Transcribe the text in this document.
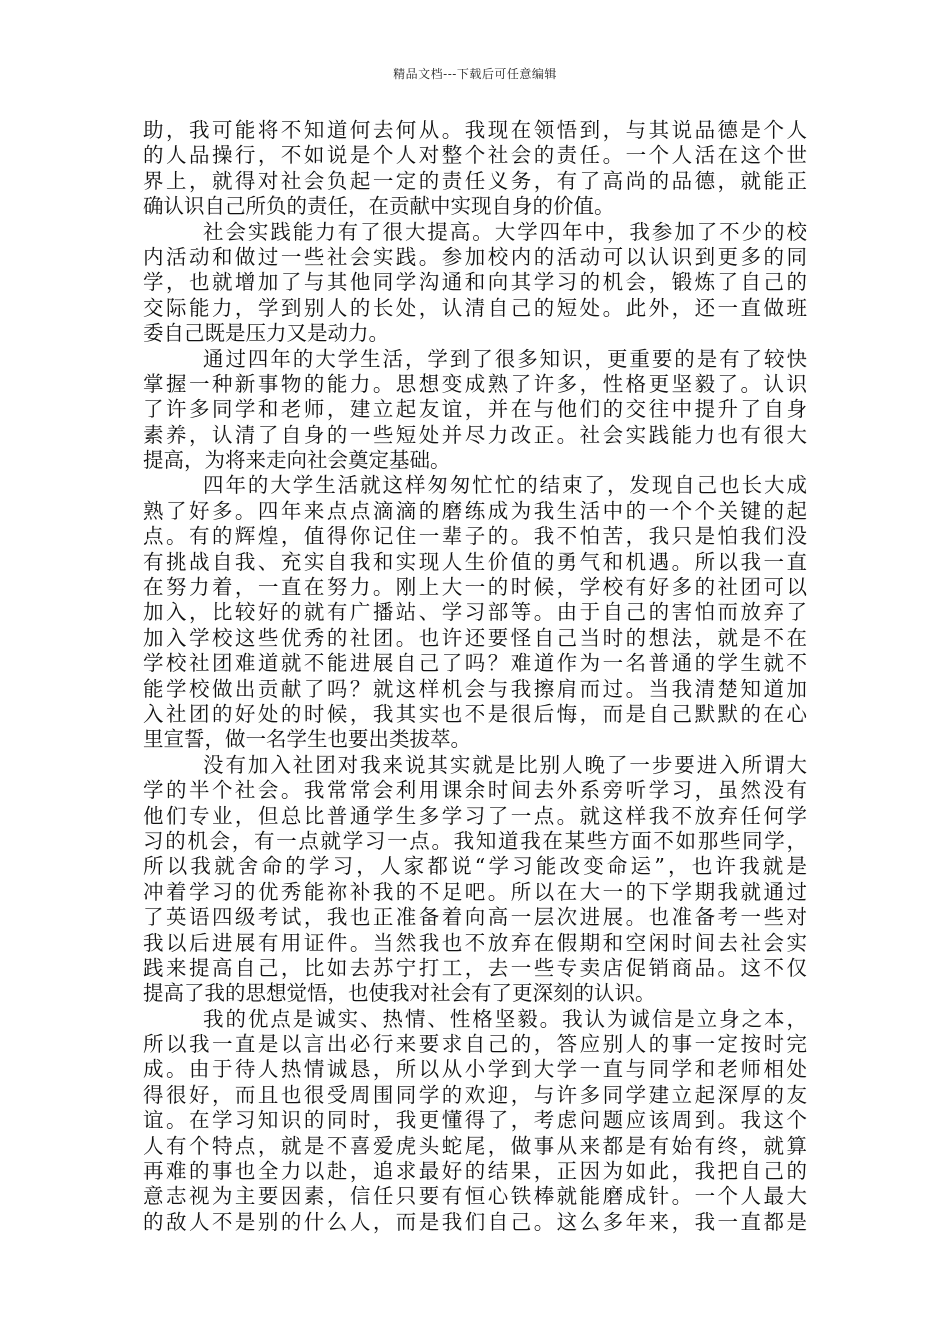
精品文档---下载后可任意编辑
助，我可能将不知道何去何从。我现在领悟到，与其说品德是个人
的人品操行，不如说是个人对整个社会的责任。一个人活在这个世
界上，就得对社会负起一定的责任义务，有了高尚的品德，就能正
确认识自己所负的责任，在贡献中实现自身的价值。
社会实践能力有了很大提高。大学四年中，我参加了不少的校
内活动和做过一些社会实践。参加校内的活动可以认识到更多的同
学，也就增加了与其他同学沟通和向其学习的机会，锻炼了自己的
交际能力，学到别人的长处，认清自己的短处。此外，还一直做班
委自己既是压力又是动力。
通过四年的大学生活，学到了很多知识，更重要的是有了较快
掌握一种新事物的能力。思想变成熟了许多，性格更坚毅了。认识
了许多同学和老师，建立起友谊，并在与他们的交往中提升了自身
素养，认清了自身的一些短处并尽力改正。社会实践能力也有很大
提高，为将来走向社会奠定基础。
四年的大学生活就这样匆匆忙忙的结束了，发现自己也长大成
熟了好多。四年来点点滴滴的磨练成为我生活中的一个个关键的起
点。有的辉煌，值得你记住一辈子的。我不怕苦，我只是怕我们没
有挑战自我、充实自我和实现人生价值的勇气和机遇。所以我一直
在努力着，一直在努力。刚上大一的时候，学校有好多的社团可以
加入，比较好的就有广播站、学习部等。由于自己的害怕而放弃了
加入学校这些优秀的社团。也许还要怪自己当时的想法，就是不在
学校社团难道就不能进展自己了吗？难道作为一名普通的学生就不
能学校做出贡献了吗？就这样机会与我擦肩而过。当我清楚知道加
入社团的好处的时候，我其实也不是很后悔，而是自己默默的在心
里宣誓，做一名学生也要出类拔萃。
没有加入社团对我来说其实就是比别人晚了一步要进入所谓大
学的半个社会。我常常会利用课余时间去外系旁听学习，虽然没有
他们专业，但总比普通学生多学习了一点。就这样我不放弃任何学
习的机会，有一点就学习一点。我知道我在某些方面不如那些同学，
所以我就舍命的学习，人家都说“学习能改变命运”，也许我就是
冲着学习的优秀能祢补我的不足吧。所以在大一的下学期我就通过
了英语四级考试，我也正准备着向高一层次进展。也准备考一些对
我以后进展有用证件。当然我也不放弃在假期和空闲时间去社会实
践来提高自己，比如去苏宁打工，去一些专卖店促销商品。这不仅
提高了我的思想觉悟，也使我对社会有了更深刻的认识。
我的优点是诚实、热情、性格坚毅。我认为诚信是立身之本，
所以我一直是以言出必行来要求自己的，答应别人的事一定按时完
成。由于待人热情诚恳，所以从小学到大学一直与同学和老师相处
得很好，而且也很受周围同学的欢迎，与许多同学建立起深厚的友
谊。在学习知识的同时，我更懂得了，考虑问题应该周到。我这个
人有个特点，就是不喜爱虎头蛇尾，做事从来都是有始有终，就算
再难的事也全力以赴，追求最好的结果，正因为如此，我把自己的
意志视为主要因素，信任只要有恒心铁棒就能磨成针。一个人最大
的敌人不是别的什么人，而是我们自己。这么多年来，我一直都是
